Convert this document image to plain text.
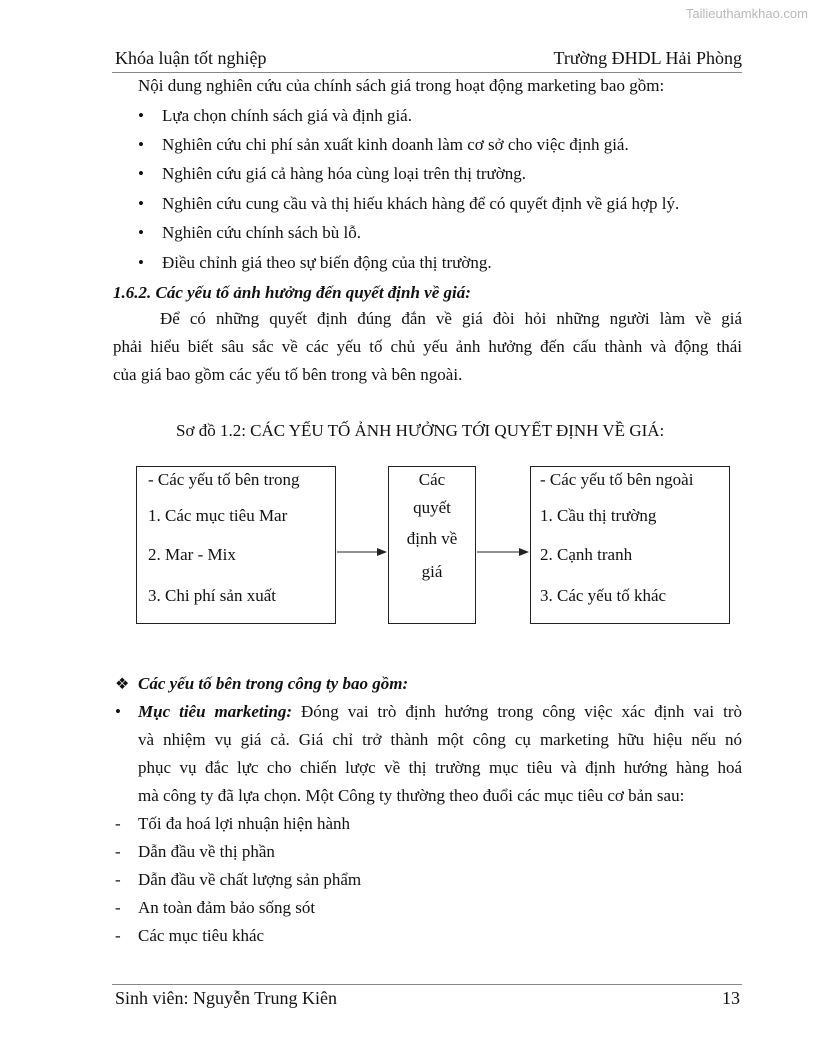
Tailieuthamkhao.com
Khóa luận tốt nghiệp	Trường ĐHDL Hải Phòng
Nội dung nghiên cứu của chính sách giá trong hoạt động marketing bao gồm:
• Lựa chọn chính sách giá và định giá.
• Nghiên cứu chi phí sản xuất kinh doanh làm cơ sở cho việc định giá.
• Nghiên cứu giá cả hàng hóa cùng loại trên thị trường.
• Nghiên cứu cung cầu và thị hiếu khách hàng để có quyết định về giá hợp lý.
• Nghiên cứu chính sách bù lỗ.
• Điều chỉnh giá theo sự biến động của thị trường.
1.6.2. Các yếu tố ảnh hưởng đến quyết định về giá:
Để có những quyết định đúng đắn về giá đòi hỏi những người làm về giá
phải hiểu biết sâu sắc về các yếu tố chủ yếu ảnh hưởng đến cấu thành và động thái
của giá bao gồm các yếu tố bên trong và bên ngoài.
Sơ đồ 1.2: CÁC YẾU TỐ ẢNH HƯỞNG TỚI QUYẾT ĐỊNH VỀ GIÁ:
- Các yếu tố bên trong
1. Các mục tiêu Mar
2. Mar - Mix
3. Chi phí sản xuất
Các
quyết
định về
giá
- Các yếu tố bên ngoài
1. Cầu thị trường
2. Cạnh tranh
3. Các yếu tố khác
❖ Các yếu tố bên trong công ty bao gồm:
• Mục tiêu marketing: Đóng vai trò định hướng trong công việc xác định vai trò
và nhiệm vụ giá cả. Giá chỉ trở thành một công cụ marketing hữu hiệu nếu nó
phục vụ đắc lực cho chiến lược về thị trường mục tiêu và định hướng hàng hoá
mà công ty đã lựa chọn. Một Công ty thường theo đuổi các mục tiêu cơ bản sau:
- Tối đa hoá lợi nhuận hiện hành
- Dẫn đầu về thị phần
- Dẫn đầu về chất lượng sản phẩm
- An toàn đảm bảo sống sót
- Các mục tiêu khác
Sinh viên: Nguyễn Trung Kiên	13
